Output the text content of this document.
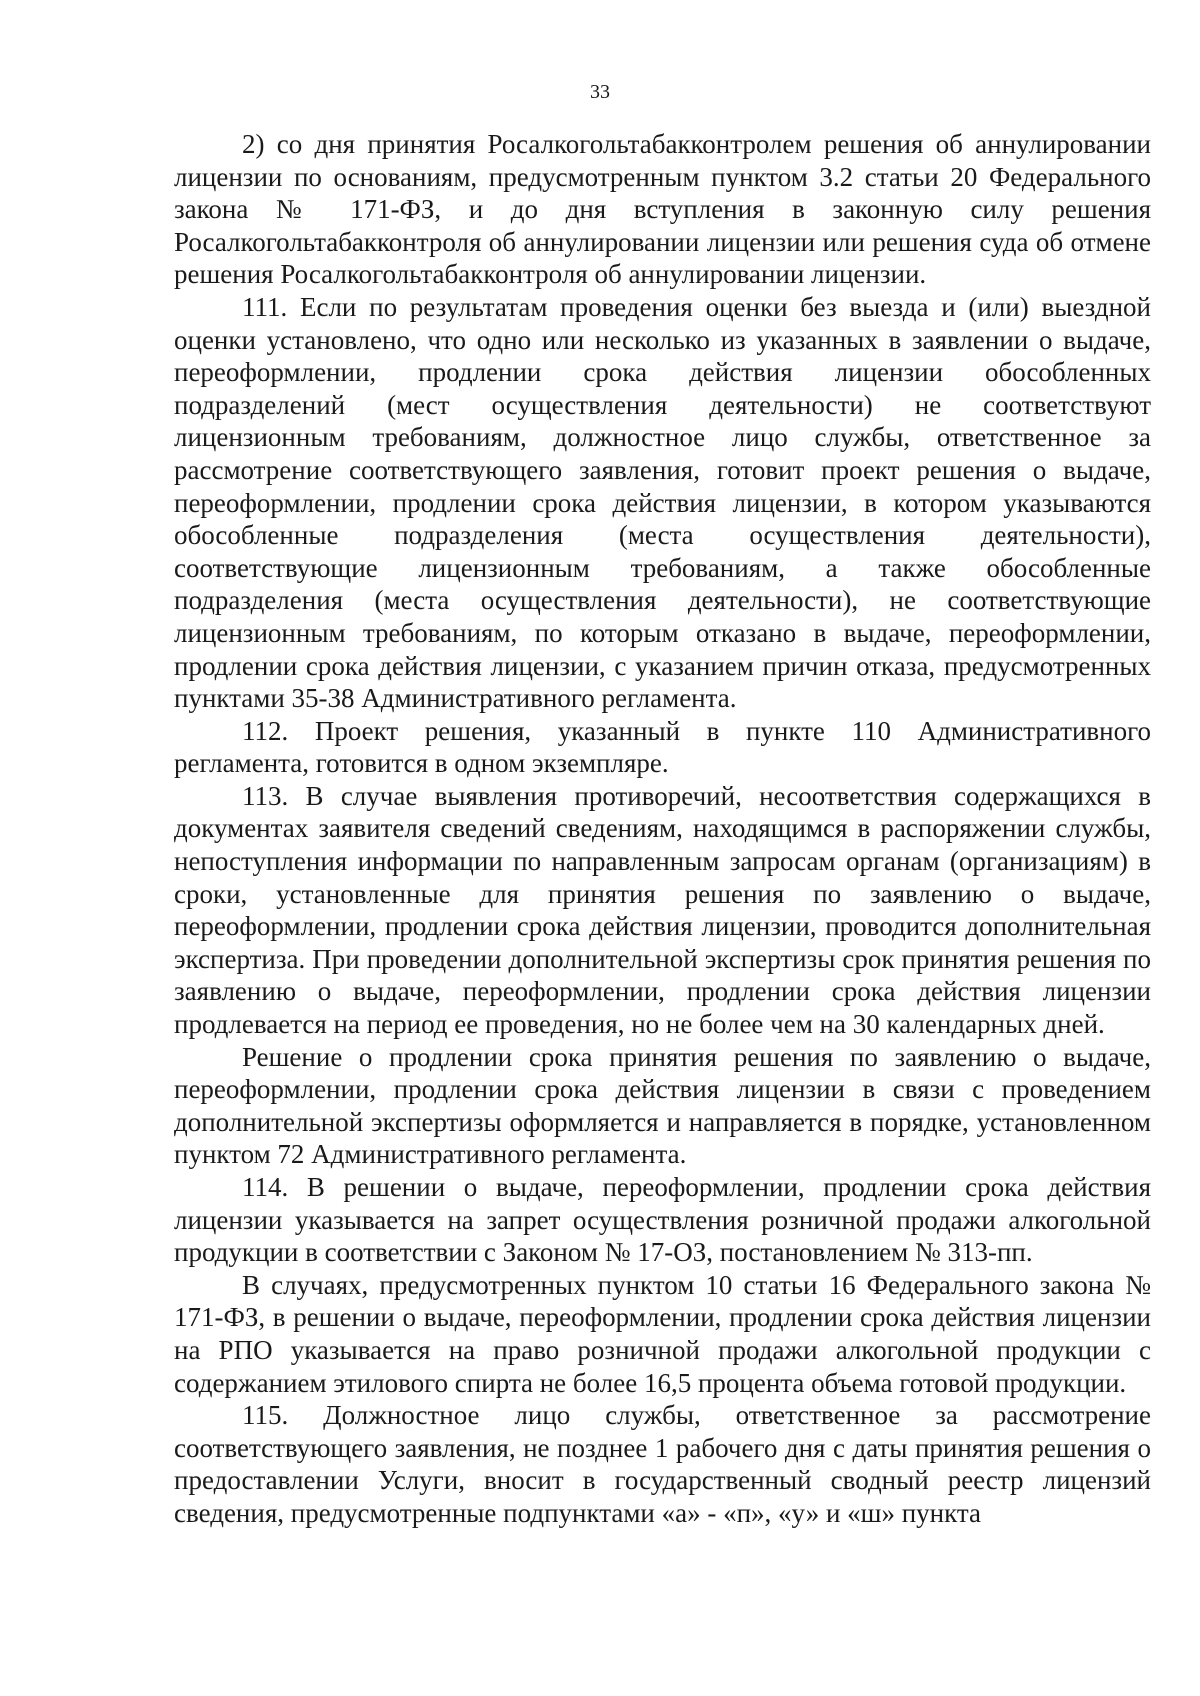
33

2) со дня принятия Росалкогольтабакконтролем решения об аннулировании лицензии по основаниям, предусмотренным пунктом 3.2 статьи 20 Федерального закона № 171-ФЗ, и до дня вступления в законную силу решения Росалкогольтабакконтроля об аннулировании лицензии или решения суда об отмене решения Росалкогольтабакконтроля об аннулировании лицензии.

111. Если по результатам проведения оценки без выезда и (или) выездной оценки установлено, что одно или несколько из указанных в заявлении о выдаче, переоформлении, продлении срока действия лицензии обособленных подразделений (мест осуществления деятельности) не соответствуют лицензионным требованиям, должностное лицо службы, ответственное за рассмотрение соответствующего заявления, готовит проект решения о выдаче, переоформлении, продлении срока действия лицензии, в котором указываются обособленные подразделения (места осуществления деятельности), соответствующие лицензионным требованиям, а также обособленные подразделения (места осуществления деятельности), не соответствующие лицензионным требованиям, по которым отказано в выдаче, переоформлении, продлении срока действия лицензии, с указанием причин отказа, предусмотренных пунктами 35-38 Административного регламента.

112. Проект решения, указанный в пункте 110 Административного регламента, готовится в одном экземпляре.

113. В случае выявления противоречий, несоответствия содержащихся в документах заявителя сведений сведениям, находящимся в распоряжении службы, непоступления информации по направленным запросам органам (организациям) в сроки, установленные для принятия решения по заявлению о выдаче, переоформлении, продлении срока действия лицензии, проводится дополнительная экспертиза. При проведении дополнительной экспертизы срок принятия решения по заявлению о выдаче, переоформлении, продлении срока действия лицензии продлевается на период ее проведения, но не более чем на 30 календарных дней.

Решение о продлении срока принятия решения по заявлению о выдаче, переоформлении, продлении срока действия лицензии в связи с проведением дополнительной экспертизы оформляется и направляется в порядке, установленном пунктом 72 Административного регламента.

114. В решении о выдаче, переоформлении, продлении срока действия лицензии указывается на запрет осуществления розничной продажи алкогольной продукции в соответствии с Законом № 17-ОЗ, постановлением № 313-пп.

В случаях, предусмотренных пунктом 10 статьи 16 Федерального закона № 171-ФЗ, в решении о выдаче, переоформлении, продлении срока действия лицензии на РПО указывается на право розничной продажи алкогольной продукции с содержанием этилового спирта не более 16,5 процента объема готовой продукции.

115. Должностное лицо службы, ответственное за рассмотрение соответствующего заявления, не позднее 1 рабочего дня с даты принятия решения о предоставлении Услуги, вносит в государственный сводный реестр лицензий сведения, предусмотренные подпунктами «а» - «п», «у» и «ш» пункта
